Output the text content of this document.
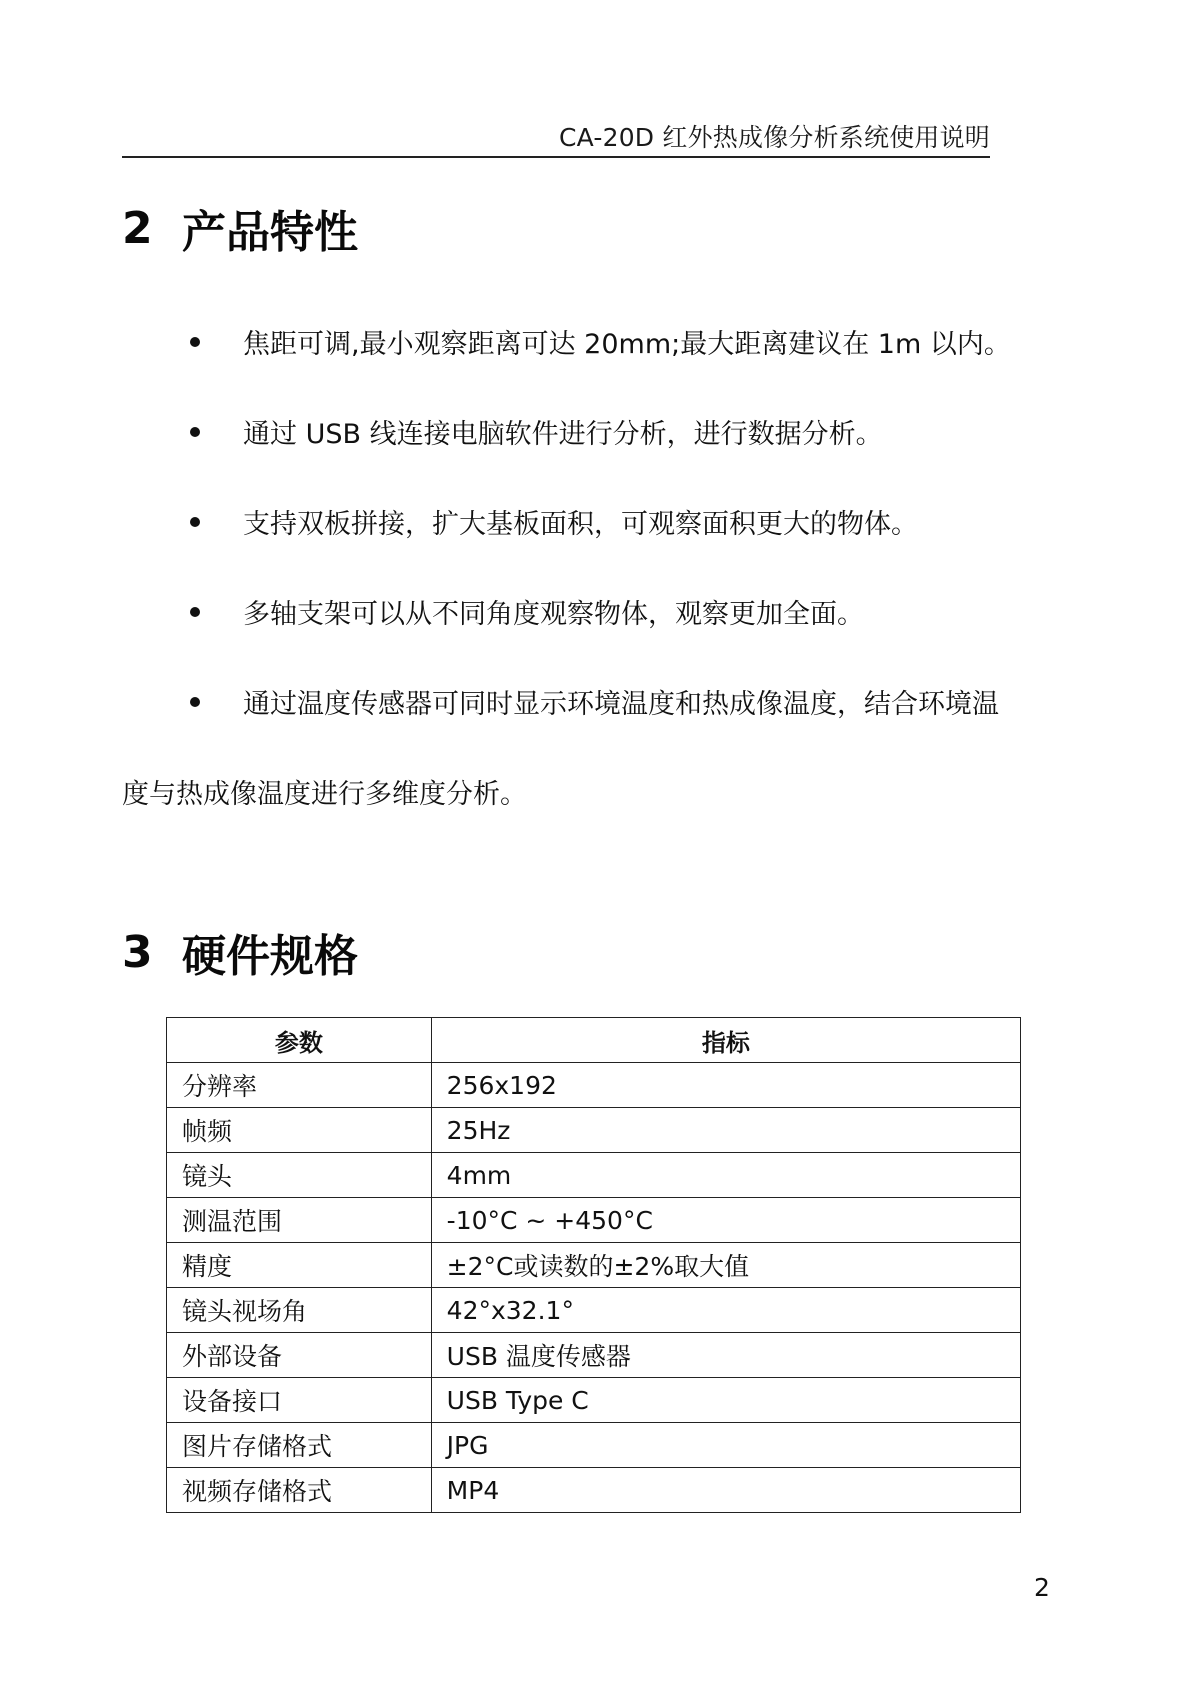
CA-20D 红外热成像分析系统使用说明
2 产品特性
焦距可调,最小观察距离可达 20mm;最大距离建议在 1m 以内。
通过 USB 线连接电脑软件进行分析，进行数据分析。
支持双板拼接，扩大基板面积，可观察面积更大的物体。
多轴支架可以从不同角度观察物体，观察更加全面。
通过温度传感器可同时显示环境温度和热成像温度，结合环境温
度与热成像温度进行多维度分析。
3 硬件规格
参数	指标
分辨率	256x192
帧频	25Hz
镜头	4mm
测温范围	-10°C ~ +450°C
精度	±2°C或读数的±2%取大值
镜头视场角	42°x32.1°
外部设备	USB 温度传感器
设备接口	USB Type C
图片存储格式	JPG
视频存储格式	MP4
2
